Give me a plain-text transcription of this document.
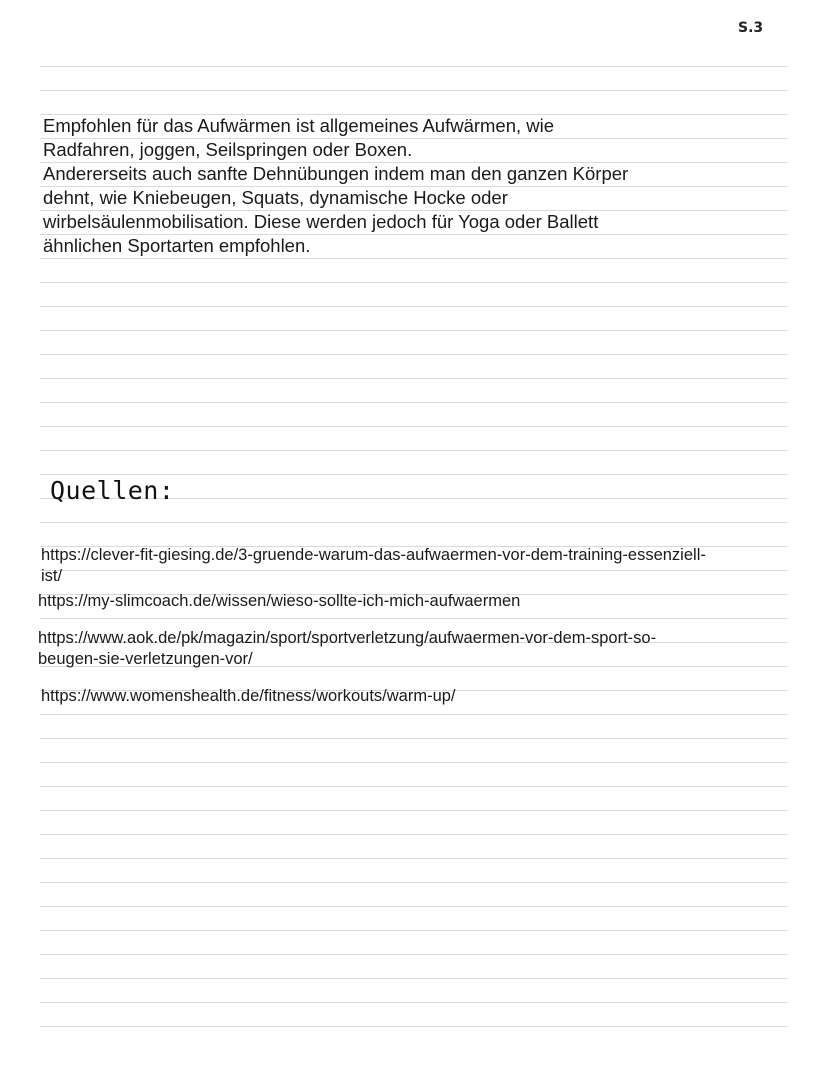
S.3
Empfohlen für das Aufwärmen ist allgemeines Aufwärmen, wie
Radfahren, joggen, Seilspringen oder Boxen.
Andererseits auch sanfte Dehnübungen indem man den ganzen Körper
dehnt, wie Kniebeugen, Squats, dynamische Hocke oder
wirbelsäulenmobilisation. Diese werden jedoch für Yoga oder Ballett
ähnlichen Sportarten empfohlen.
Quellen:
https://clever-fit-giesing.de/3-gruende-warum-das-aufwaermen-vor-dem-training-essenziell-
ist/
https://my-slimcoach.de/wissen/wieso-sollte-ich-mich-aufwaermen
https://www.aok.de/pk/magazin/sport/sportverletzung/aufwaermen-vor-dem-sport-so-
beugen-sie-verletzungen-vor/
https://www.womenshealth.de/fitness/workouts/warm-up/
